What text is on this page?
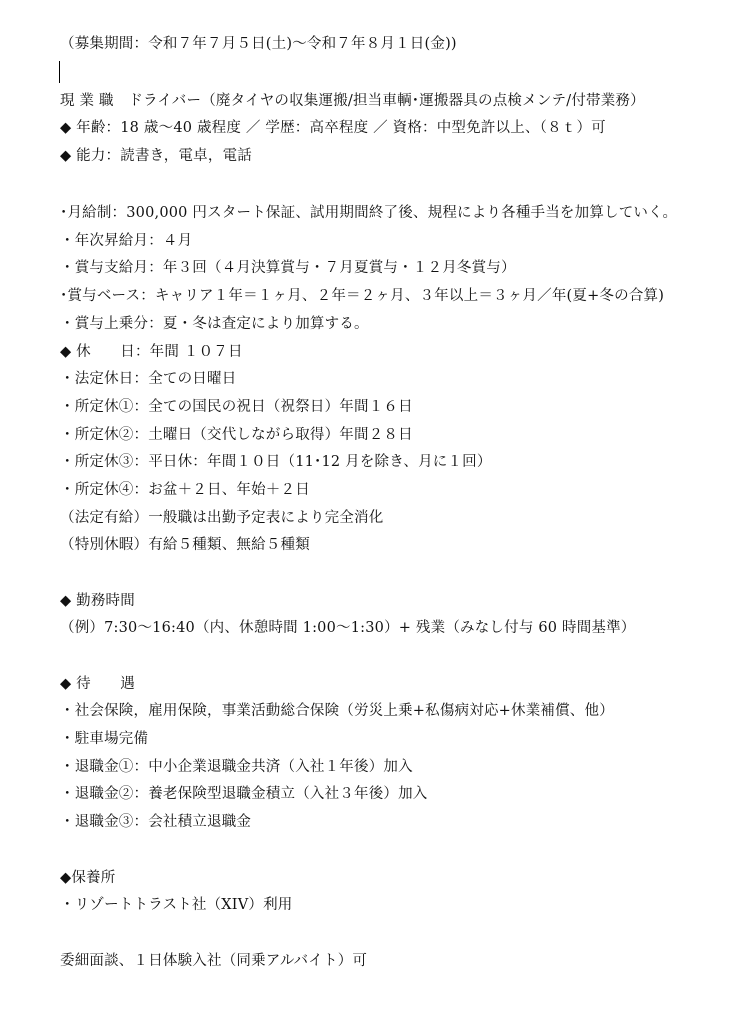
（募集期間：令和７年７月５日(土)～令和７年８月１日(金))
現 業 職　ドライバー（廃タイヤの収集運搬/担当車輌･運搬器具の点検メンテ/付帯業務）
◆ 年齢：18 歳～40 歳程度 ／ 学歴：高卒程度 ／ 資格：中型免許以上、（８ｔ）可
◆ 能力：読書き，電卓，電話
･月給制：300,000 円スタート保証、試用期間終了後、規程により各種手当を加算していく。
・年次昇給月：４月
・賞与支給月：年３回（４月決算賞与・７月夏賞与・１２月冬賞与）
･賞与ベース：キャリア１年＝１ヶ月、２年＝２ヶ月、３年以上＝３ヶ月／年(夏+冬の合算)
・賞与上乗分：夏・冬は査定により加算する。
◆ 休　　日：年間 １０７日
・法定休日：全ての日曜日
・所定休①：全ての国民の祝日（祝祭日）年間１６日
・所定休②：土曜日（交代しながら取得）年間２８日
・所定休③：平日休：年間１０日（11･12 月を除き、月に１回）
・所定休④：お盆＋２日、年始＋２日
（法定有給）一般職は出勤予定表により完全消化
（特別休暇）有給５種類、無給５種類
◆ 勤務時間
（例）7:30～16:40（内、休憩時間 1:00～1:30）+ 残業（みなし付与 60 時間基準）
◆ 待　　遇
・社会保険，雇用保険，事業活動総合保険（労災上乗+私傷病対応+休業補償、他）
・駐車場完備
・退職金①：中小企業退職金共済（入社１年後）加入
・退職金②：養老保険型退職金積立（入社３年後）加入
・退職金③：会社積立退職金
◆保養所
・リゾートトラスト社（XIV）利用
委細面談、１日体験入社（同乗アルバイト）可
